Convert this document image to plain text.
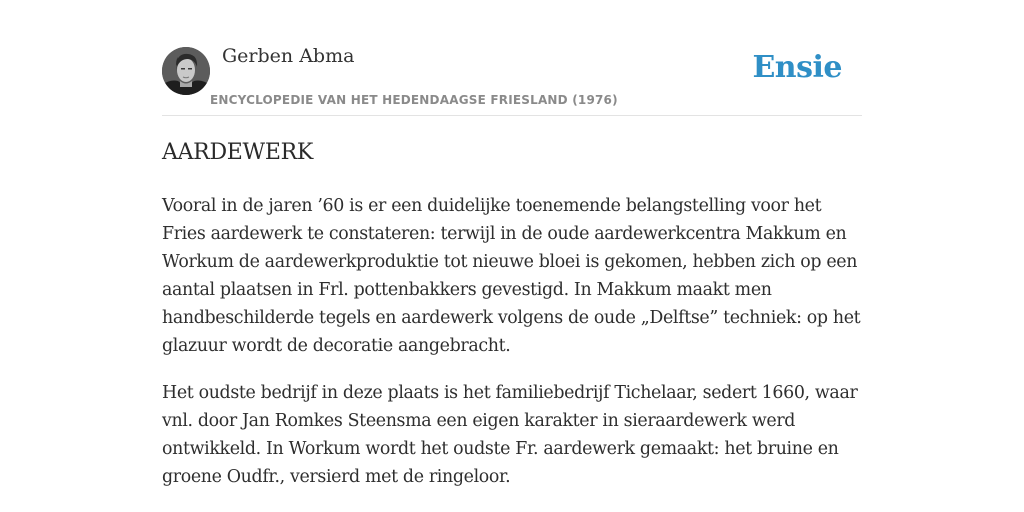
Gerben Abma
ENCYCLOPEDIE VAN HET HEDENDAAGSE FRIESLAND (1976)
Ensie
AARDEWERK

Vooral in de jaren ’60 is er een duidelijke toenemende belangstelling voor het Fries aardewerk te constateren: terwijl in de oude aardewerkcentra Makkum en Workum de aardewerkproduktie tot nieuwe bloei is gekomen, hebben zich op een aantal plaatsen in Frl. pottenbakkers gevestigd. In Makkum maakt men handbeschilderde tegels en aardewerk volgens de oude „Delftse” techniek: op het glazuur wordt de decoratie aangebracht.

Het oudste bedrijf in deze plaats is het familiebedrijf Tichelaar, sedert 1660, waar vnl. door Jan Romkes Steensma een eigen karakter in sieraardewerk werd ontwikkeld. In Workum wordt het oudste Fr. aardewerk gemaakt: het bruine en groene Oudfr., versierd met de ringeloor.
